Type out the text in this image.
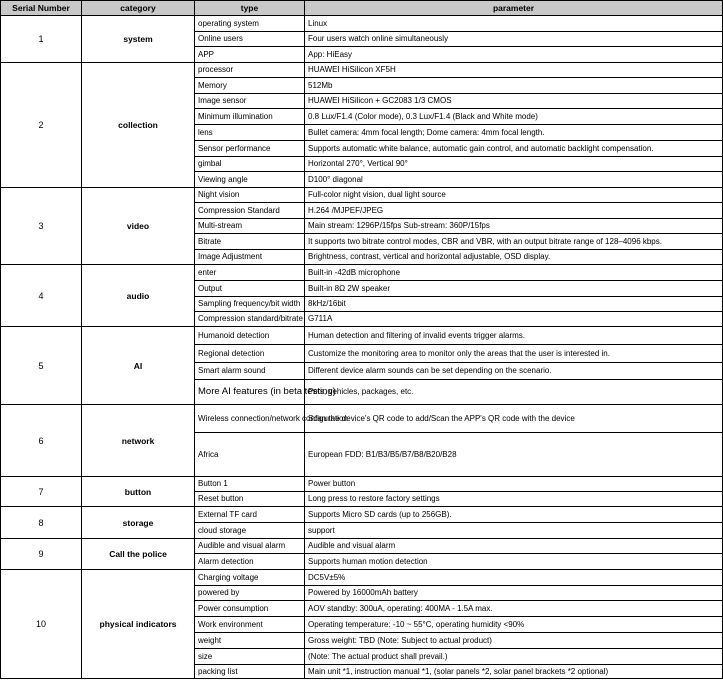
Serial Number	category	type	parameter
1	system	operating system	Linux
		Online users	Four users watch online simultaneously
		APP	App: HiEasy
2	collection	processor	HUAWEI HiSilicon XF5H
		Memory	512Mb
		Image sensor	HUAWEI HiSilicon + GC2083 1/3 CMOS
		Minimum illumination	0.8 Lux/F1.4 (Color mode), 0.3 Lux/F1.4 (Black and White mode)
		lens	Bullet camera: 4mm focal length; Dome camera: 4mm focal length.
		Sensor performance	Supports automatic white balance, automatic gain control, and automatic backlight compensation.
		gimbal	Horizontal 270°, Vertical 90°
		Viewing angle	D100° diagonal
3	video	Night vision	Full-color night vision, dual light source
		Compression Standard	H.264 /MJPEF/JPEG
		Multi-stream	Main stream: 1296P/15fps Sub-stream: 360P/15fps
		Bitrate	It supports two bitrate control modes, CBR and VBR, with an output bitrate range of 128–4096 kbps.
		Image Adjustment	Brightness, contrast, vertical and horizontal adjustable, OSD display.
4	audio	enter	Built-in -42dB microphone
		Output	Built-in 8Ω 2W speaker
		Sampling frequency/bit width	8kHz/16bit
		Compression standard/bitrate	G711A
5	AI	Humanoid detection	Human detection and filtering of invalid events trigger alarms.
		Regional detection	Customize the monitoring area to monitor only the areas that the user is interested in.
		Smart alarm sound	Different device alarm sounds can be set depending on the scenario.
		More AI features (in beta testing)	Pets, vehicles, packages, etc.
6	network	Wireless connection/network configuration	Scan the device's QR code to add/Scan the APP's QR code with the device
		Africa	European FDD: B1/B3/B5/B7/B8/B20/B28
7	button	Button 1	Power button
		Reset button	Long press to restore factory settings
8	storage	External TF card	Supports Micro SD cards (up to 256GB).
		cloud storage	support
9	Call the police	Audible and visual alarm	Audible and visual alarm
		Alarm detection	Supports human motion detection
10	physical indicators	Charging voltage	DC5V±5%
		powered by	Powered by 16000mAh battery
		Power consumption	AOV standby: 300uA, operating: 400MA - 1.5A max.
		Work environment	Operating temperature: -10 ~ 55°C, operating humidity <90%
		weight	Gross weight: TBD (Note: Subject to actual product)
		size	(Note: The actual product shall prevail.)
		packing list	Main unit *1, instruction manual *1, (solar panels *2, solar panel brackets *2 optional)
